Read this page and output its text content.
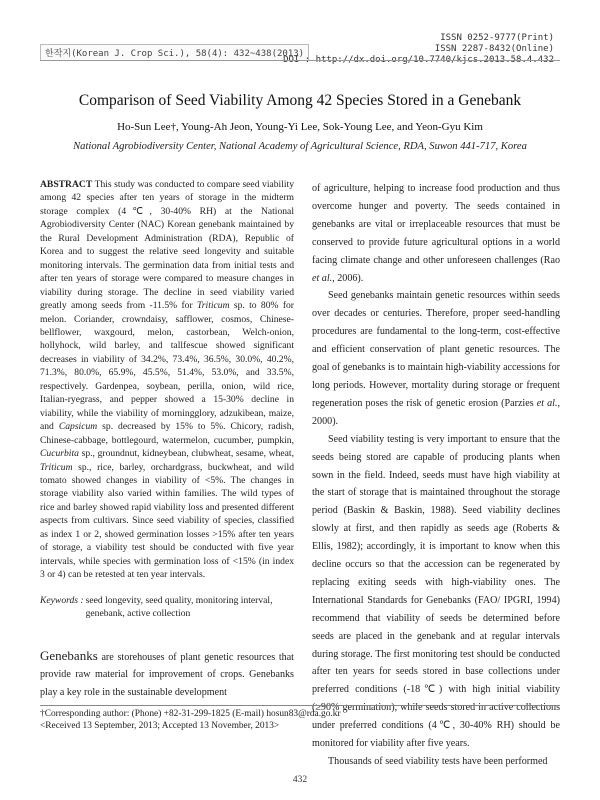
한작지(Korean J. Crop Sci.), 58(4): 432~438(2013)
ISSN 0252-9777(Print)
ISSN 2287-8432(Online)
DOI : http://dx.doi.org/10.7740/kjcs.2013.58.4.432
Comparison of Seed Viability Among 42 Species Stored in a Genebank
Ho-Sun Lee†, Young-Ah Jeon, Young-Yi Lee, Sok-Young Lee, and Yeon-Gyu Kim
National Agrobiodiversity Center, National Academy of Agricultural Science, RDA, Suwon 441-717, Korea

ABSTRACT This study was conducted to compare seed viability among 42 species after ten years of storage in the midterm storage complex (4℃, 30-40% RH) at the National Agrobiodiversity Center (NAC) Korean genebank maintained by the Rural Development Administration (RDA), Republic of Korea and to suggest the relative seed longevity and suitable monitoring intervals. The germination data from initial tests and after ten years of storage were compared to measure changes in viability during storage. The decline in seed viability varied greatly among seeds from -11.5% for Triticum sp. to 80% for melon. Coriander, crowndaisy, safflower, cosmos, Chinese-bellflower, waxgourd, melon, castorbean, Welch-onion, hollyhock, wild barley, and tallfescue showed significant decreases in viability of 34.2%, 73.4%, 36.5%, 30.0%, 40.2%, 71.3%, 80.0%, 65.9%, 45.5%, 51.4%, 53.0%, and 33.5%, respectively. Gardenpea, soybean, perilla, onion, wild rice, Italian-ryegrass, and pepper showed a 15-30% decline in viability, while the viability of morningglory, adzukibean, maize, and Capsicum sp. decreased by 15% to 5%. Chicory, radish, Chinese-cabbage, bottlegourd, watermelon, cucumber, pumpkin, Cucurbita sp., groundnut, kidneybean, clubwheat, sesame, wheat, Triticum sp., rice, barley, orchardgrass, buckwheat, and wild tomato showed changes in viability of <5%. The changes in storage viability also varied within families. The wild types of rice and barley showed rapid viability loss and presented different aspects from cultivars. Since seed viability of species, classified as index 1 or 2, showed germination losses >15% after ten years of storage, a viability test should be conducted with five year intervals, while species with germination loss of <15% (in index 3 or 4) can be retested at ten year intervals.

Keywords : seed longevity, seed quality, monitoring interval, genebank, active collection

Genebanks are storehouses of plant genetic resources that provide raw material for improvement of crops. Genebanks play a key role in the sustainable development

of agriculture, helping to increase food production and thus overcome hunger and poverty. The seeds contained in genebanks are vital or irreplaceable resources that must be conserved to provide future agricultural options in a world facing climate change and other unforeseen challenges (Rao et al., 2006).

Seed genebanks maintain genetic resources within seeds over decades or centuries. Therefore, proper seed-handling procedures are fundamental to the long-term, cost-effective and efficient conservation of plant genetic resources. The goal of genebanks is to maintain high-viability accessions for long periods. However, mortality during storage or frequent regeneration poses the risk of genetic erosion (Parzies et al., 2000).

Seed viability testing is very important to ensure that the seeds being stored are capable of producing plants when sown in the field. Indeed, seeds must have high viability at the start of storage that is maintained throughout the storage period (Baskin & Baskin, 1988). Seed viability declines slowly at first, and then rapidly as seeds age (Roberts & Ellis, 1982); accordingly, it is important to know when this decline occurs so that the accession can be regenerated by replacing exiting seeds with high-viability ones. The International Standards for Genebanks (FAO/ IPGRI, 1994) recommend that viability of seeds be determined before seeds are placed in the genebank and at regular intervals during storage. The first monitoring test should be conducted after ten years for seeds stored in base collections under preferred conditions (-18℃) with high initial viability (≥90% germination), while seeds stored in active collections under preferred conditions (4℃, 30-40% RH) should be monitored for viability after five years.

Thousands of seed viability tests have been performed

†Corresponding author: (Phone) +82-31-299-1825 (E-mail) hosun83@rda.go.kr
<Received 13 September, 2013; Accepted 13 November, 2013>
432
